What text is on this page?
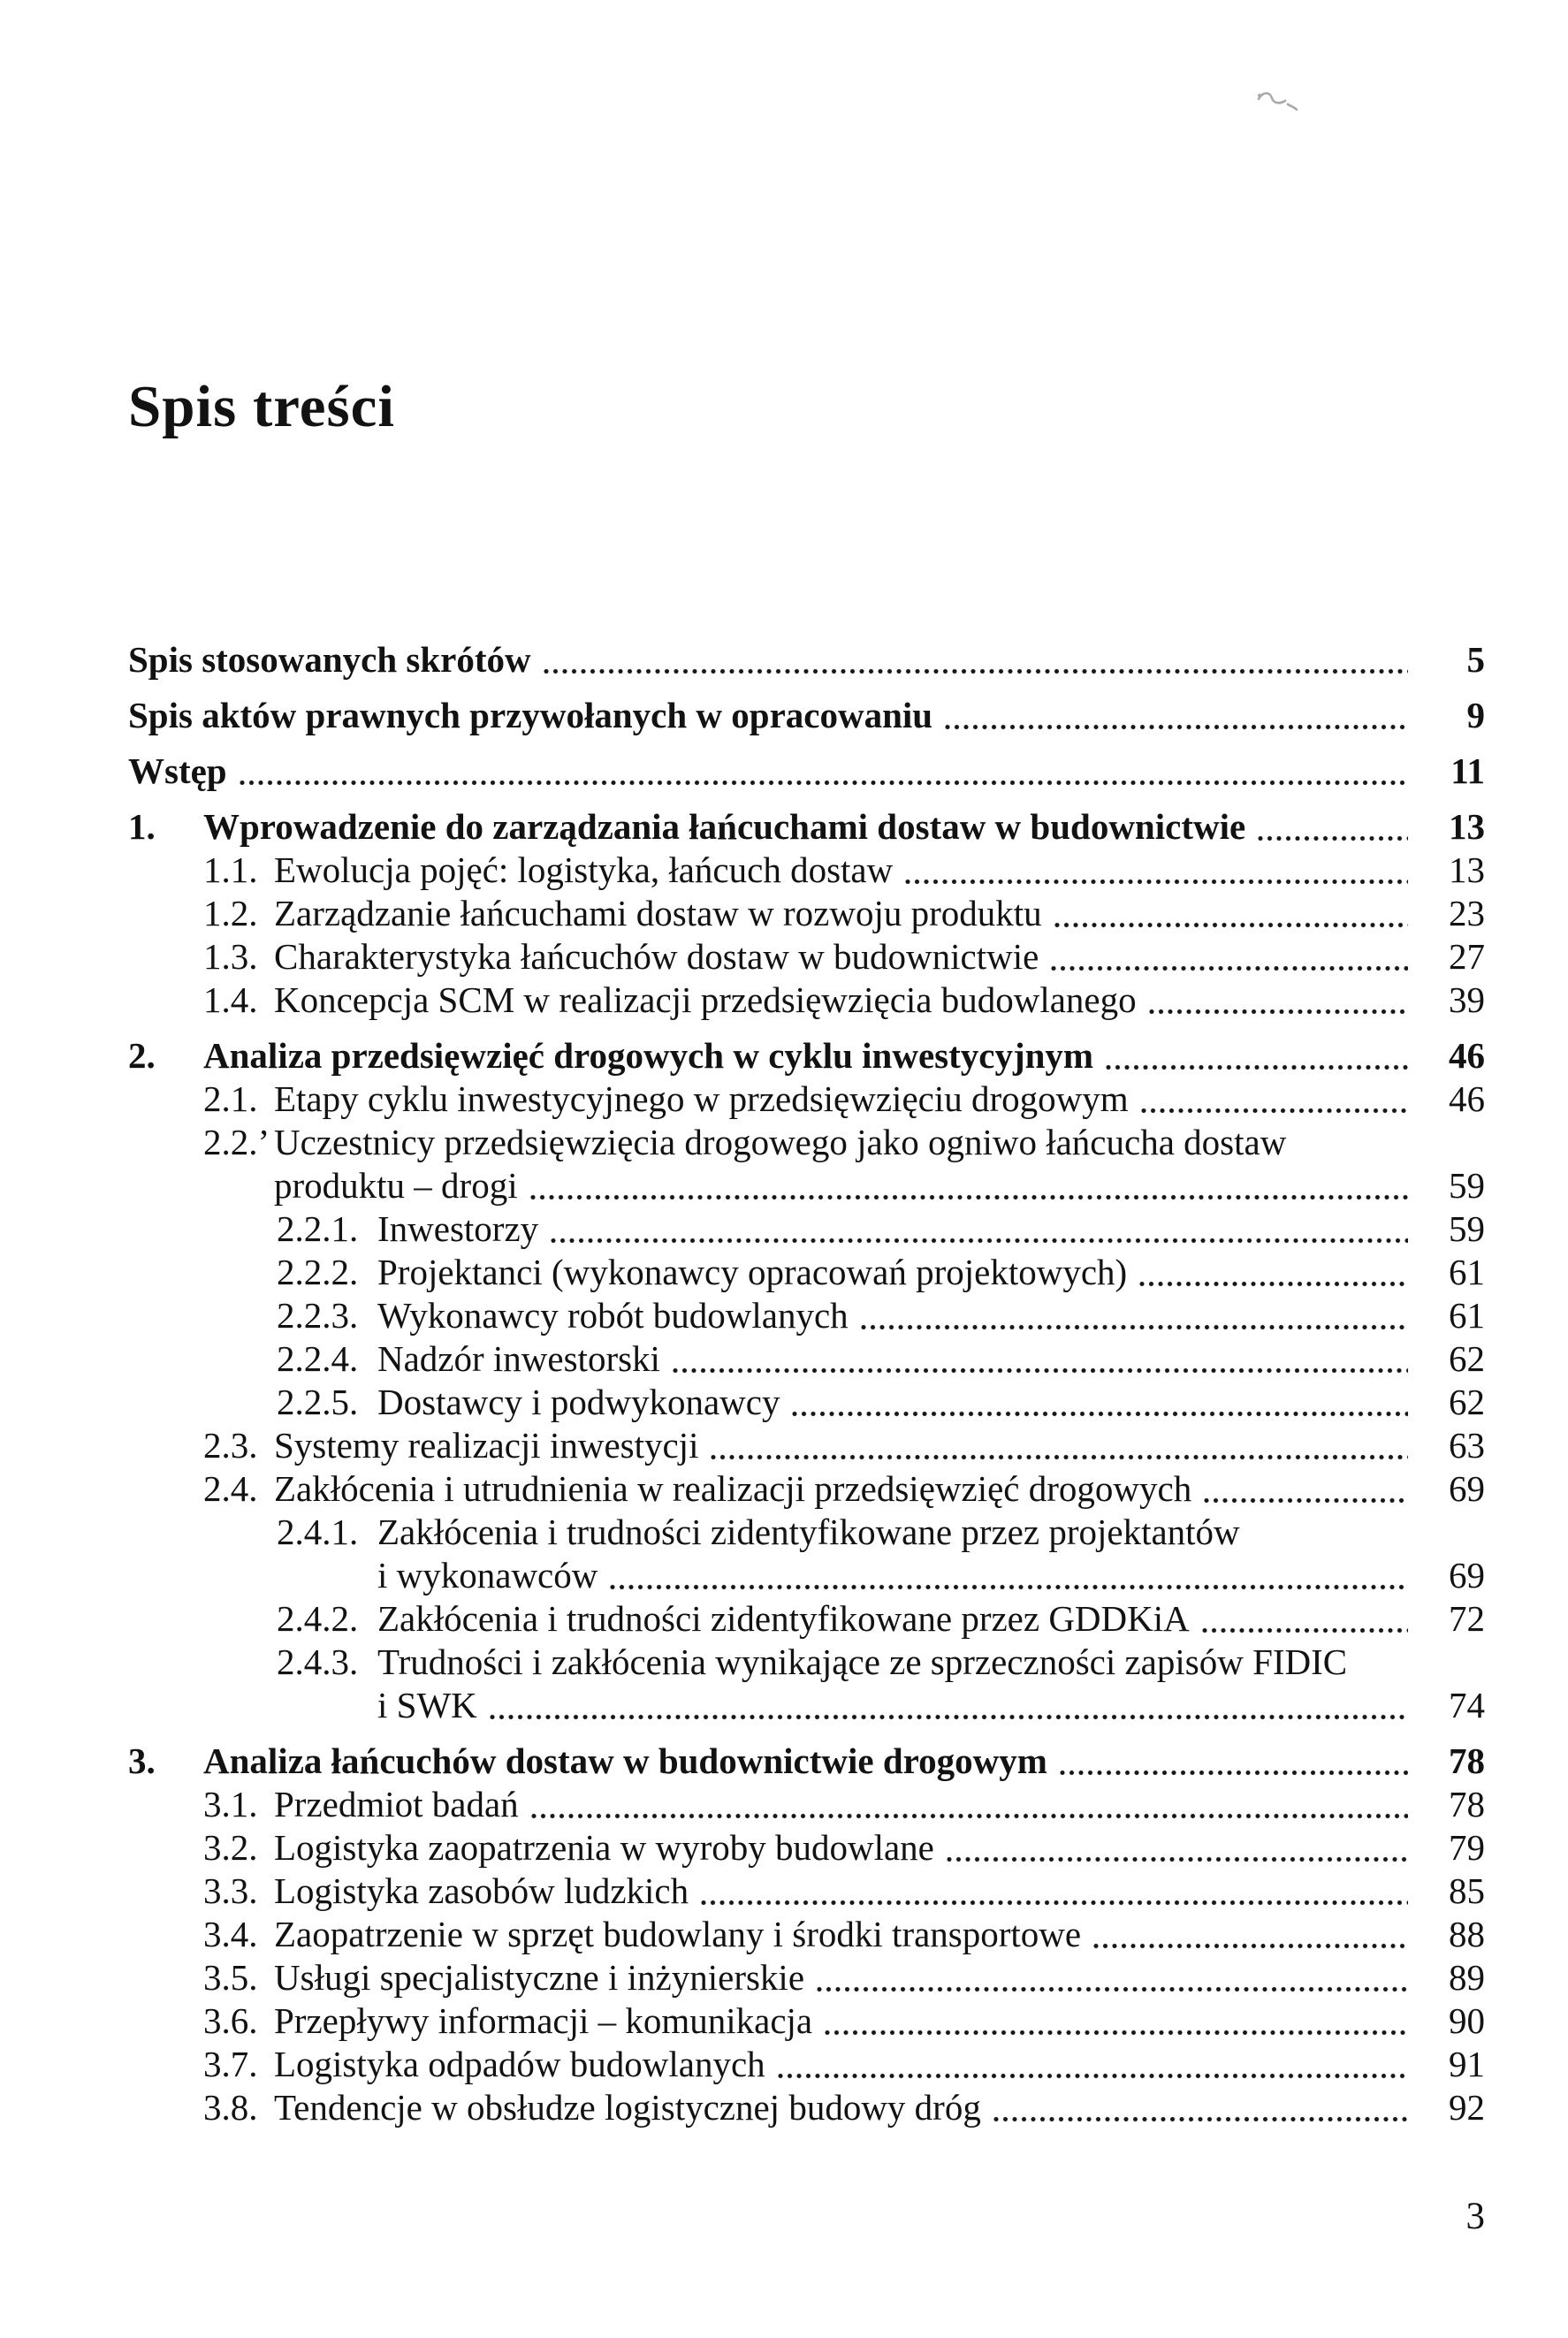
Spis treści
Spis stosowanych skrótów	5
Spis aktów prawnych przywołanych w opracowaniu	9
Wstęp	11
1.	Wprowadzenie do zarządzania łańcuchami dostaw w budownictwie	13
1.1. Ewolucja pojęć: logistyka, łańcuch dostaw	13
1.2. Zarządzanie łańcuchami dostaw w rozwoju produktu	23
1.3. Charakterystyka łańcuchów dostaw w budownictwie	27
1.4. Koncepcja SCM w realizacji przedsięwzięcia budowlanego	39
2.	Analiza przedsięwzięć drogowych w cyklu inwestycyjnym	46
2.1. Etapy cyklu inwestycyjnego w przedsięwzięciu drogowym	46
2.2.’ Uczestnicy przedsięwzięcia drogowego jako ogniwo łańcucha dostaw
produktu – drogi	59
2.2.1. Inwestorzy	59
2.2.2. Projektanci (wykonawcy opracowań projektowych)	61
2.2.3. Wykonawcy robót budowlanych	61
2.2.4. Nadzór inwestorski	62
2.2.5. Dostawcy i podwykonawcy	62
2.3. Systemy realizacji inwestycji	63
2.4. Zakłócenia i utrudnienia w realizacji przedsięwzięć drogowych	69
2.4.1. Zakłócenia i trudności zidentyfikowane przez projektantów
i wykonawców	69
2.4.2. Zakłócenia i trudności zidentyfikowane przez GDDKiA	72
2.4.3. Trudności i zakłócenia wynikające ze sprzeczności zapisów FIDIC
i SWK	74
3.	Analiza łańcuchów dostaw w budownictwie drogowym	78
3.1. Przedmiot badań	78
3.2. Logistyka zaopatrzenia w wyroby budowlane	79
3.3. Logistyka zasobów ludzkich	85
3.4. Zaopatrzenie w sprzęt budowlany i środki transportowe	88
3.5. Usługi specjalistyczne i inżynierskie	89
3.6. Przepływy informacji – komunikacja	90
3.7. Logistyka odpadów budowlanych	91
3.8. Tendencje w obsłudze logistycznej budowy dróg	92
3
